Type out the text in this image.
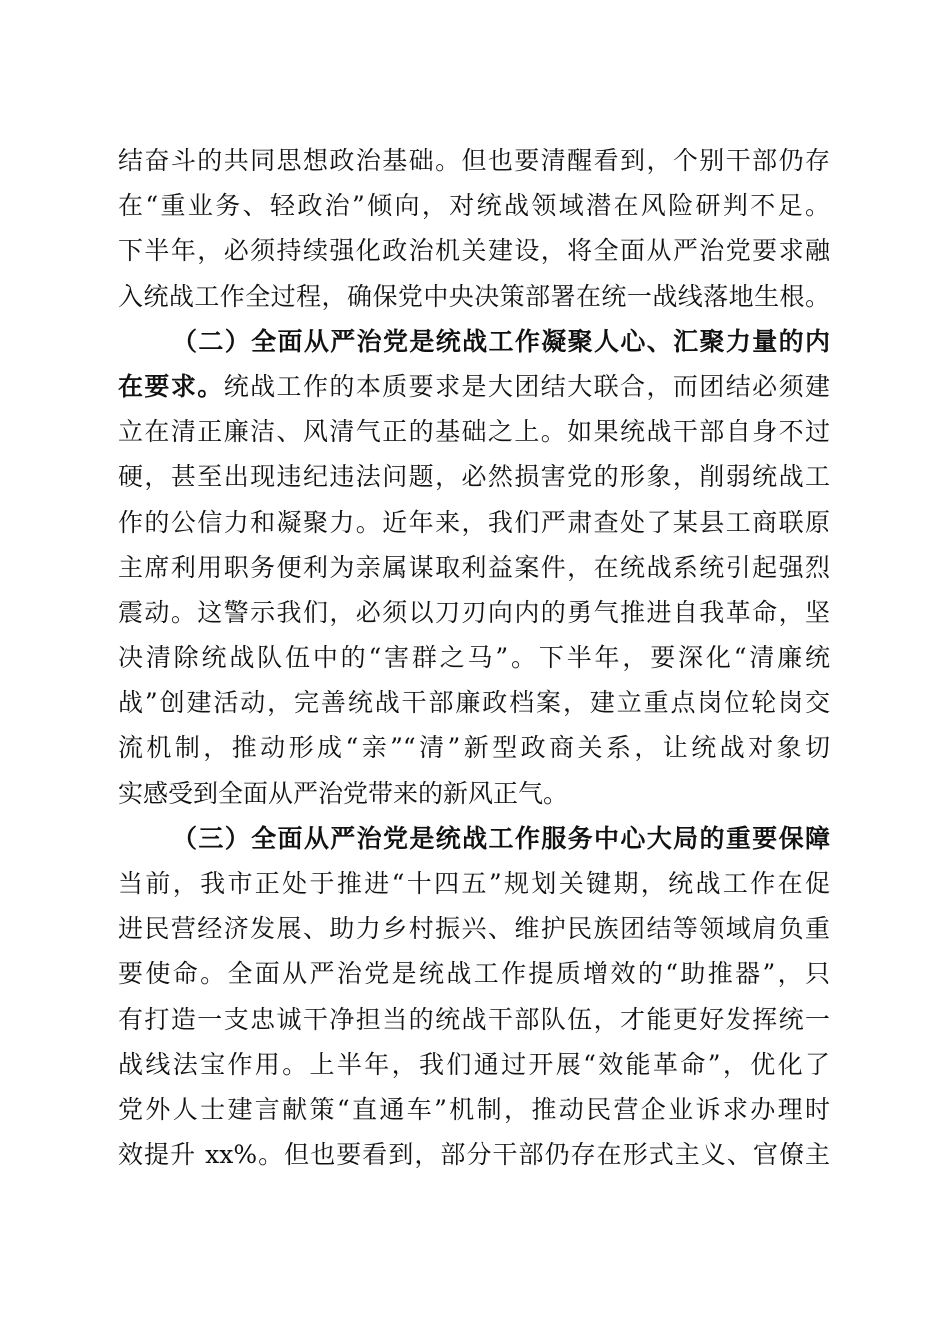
结奋斗的共同思想政治基础。但也要清醒看到，个别干部仍存
在“重业务、轻政治”倾向，对统战领域潜在风险研判不足。
下半年，必须持续强化政治机关建设，将全面从严治党要求融
入统战工作全过程，确保党中央决策部署在统一战线落地生根。
（二）全面从严治党是统战工作凝聚人心、汇聚力量的内
在要求。统战工作的本质要求是大团结大联合，而团结必须建
立在清正廉洁、风清气正的基础之上。如果统战干部自身不过
硬，甚至出现违纪违法问题，必然损害党的形象，削弱统战工
作的公信力和凝聚力。近年来，我们严肃查处了某县工商联原
主席利用职务便利为亲属谋取利益案件，在统战系统引起强烈
震动。这警示我们，必须以刀刃向内的勇气推进自我革命，坚
决清除统战队伍中的“害群之马”。下半年，要深化“清廉统
战”创建活动，完善统战干部廉政档案，建立重点岗位轮岗交
流机制，推动形成“亲”“清”新型政商关系，让统战对象切
实感受到全面从严治党带来的新风正气。
（三）全面从严治党是统战工作服务中心大局的重要保障
当前，我市正处于推进“十四五”规划关键期，统战工作在促
进民营经济发展、助力乡村振兴、维护民族团结等领域肩负重
要使命。全面从严治党是统战工作提质增效的“助推器”，只
有打造一支忠诚干净担当的统战干部队伍，才能更好发挥统一
战线法宝作用。上半年，我们通过开展“效能革命”，优化了
党外人士建言献策“直通车”机制，推动民营企业诉求办理时
效提升 xx%。但也要看到，部分干部仍存在形式主义、官僚主
